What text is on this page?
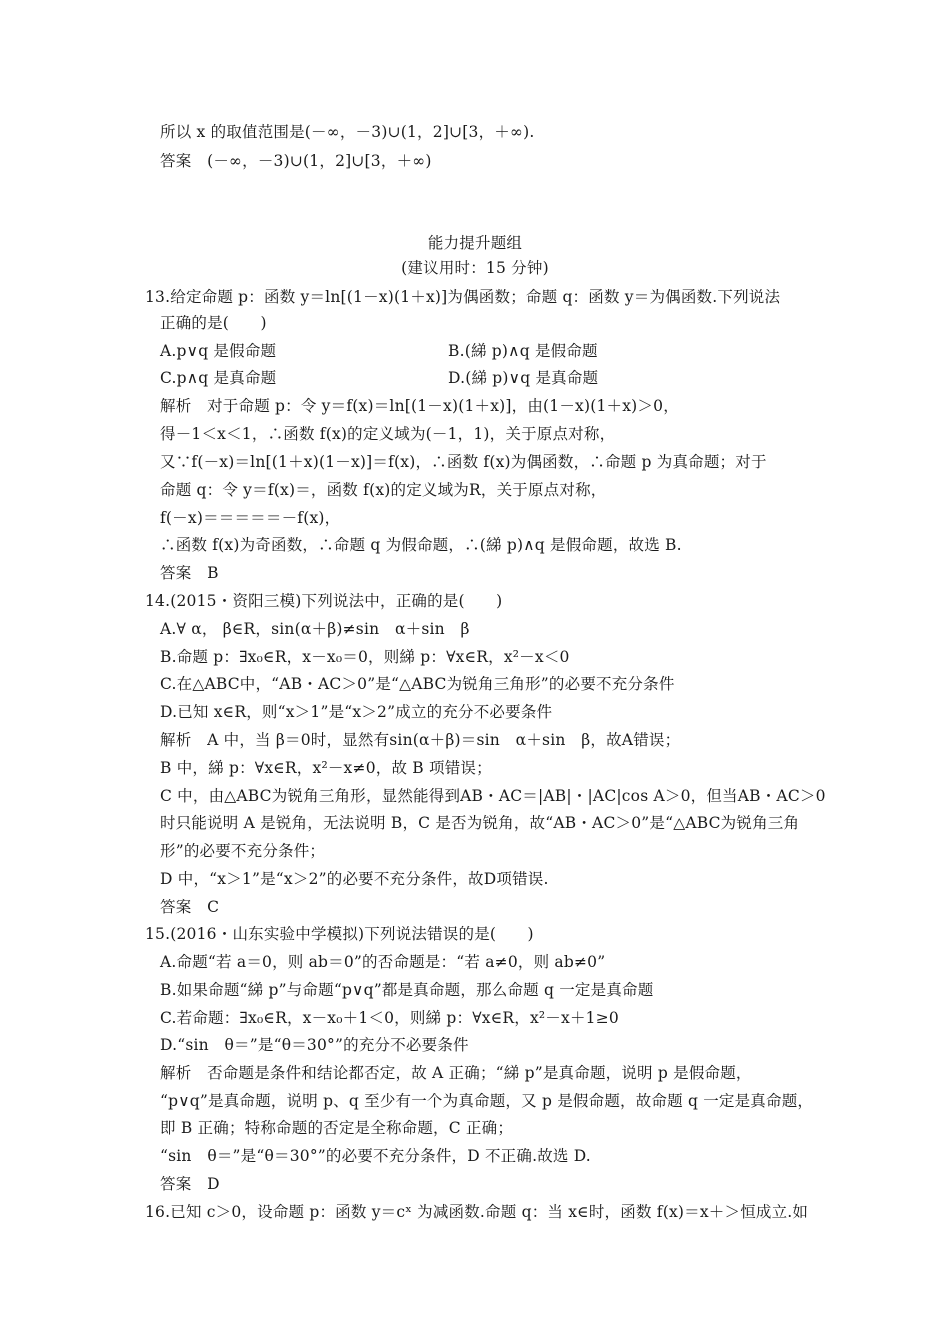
所以 x 的取值范围是(－∞，－3)∪(1，2]∪[3，＋∞).
答案　(－∞，－3)∪(1，2]∪[3，＋∞)
能力提升题组
(建议用时：15 分钟)
13.给定命题 p：函数 y＝ln[(1－x)(1＋x)]为偶函数；命题 q：函数 y＝为偶函数.下列说法
正确的是(　　)
A.p∨q 是假命题	B.(綈 p)∧q 是假命题
C.p∧q 是真命题	D.(綈 p)∨q 是真命题
解析　对于命题 p：令 y＝f(x)＝ln[(1－x)(1＋x)]，由(1－x)(1＋x)＞0，
得－1＜x＜1，∴函数 f(x)的定义域为(－1，1)，关于原点对称，
又∵f(－x)＝ln[(1＋x)(1－x)]＝f(x)，∴函数 f(x)为偶函数，∴命题 p 为真命题；对于
命题 q：令 y＝f(x)＝，函数 f(x)的定义域为R，关于原点对称，
f(－x)＝＝＝＝＝－f(x)，
∴函数 f(x)为奇函数，∴命题 q 为假命题，∴(綈 p)∧q 是假命题，故选 B.
答案　B
14.(2015・资阳三模)下列说法中，正确的是(　　)
A.∀ α， β∈R，sin(α＋β)≠sin　α＋sin　β
B.命题 p：∃x₀∈R，x－x₀＝0，则綈 p：∀x∈R，x²－x＜0
C.在△ABC中，“AB・AC＞0”是“△ABC为锐角三角形”的必要不充分条件
D.已知 x∈R，则“x＞1”是“x＞2”成立的充分不必要条件
解析　A 中，当 β＝0时，显然有sin(α＋β)＝sin　α＋sin　β，故A错误；
B 中，綈 p：∀x∈R，x²－x≠0，故 B 项错误；
C 中，由△ABC为锐角三角形，显然能得到AB・AC＝|AB|・|AC|cos A＞0，但当AB・AC＞0
时只能说明 A 是锐角，无法说明 B，C 是否为锐角，故“AB・AC＞0”是“△ABC为锐角三角
形”的必要不充分条件；
D 中，“x＞1”是“x＞2”的必要不充分条件，故D项错误.
答案　C
15.(2016・山东实验中学模拟)下列说法错误的是(　　)
A.命题“若 a＝0，则 ab＝0”的否命题是：“若 a≠0，则 ab≠0”
B.如果命题“綈 p”与命题“p∨q”都是真命题，那么命题 q 一定是真命题
C.若命题：∃x₀∈R，x－x₀＋1＜0，则綈 p：∀x∈R，x²－x＋1≥0
D.“sin　θ＝”是“θ＝30°”的充分不必要条件
解析　否命题是条件和结论都否定，故 A 正确；“綈 p”是真命题，说明 p 是假命题，
“p∨q”是真命题，说明 p、q 至少有一个为真命题，又 p 是假命题，故命题 q 一定是真命题，
即 B 正确；特称命题的否定是全称命题，C 正确；
“sin　θ＝”是“θ＝30°”的必要不充分条件，D 不正确.故选 D.
答案　D
16.已知 c＞0，设命题 p：函数 y＝cˣ 为减函数.命题 q：当 x∈时，函数 f(x)＝x＋＞恒成立.如
